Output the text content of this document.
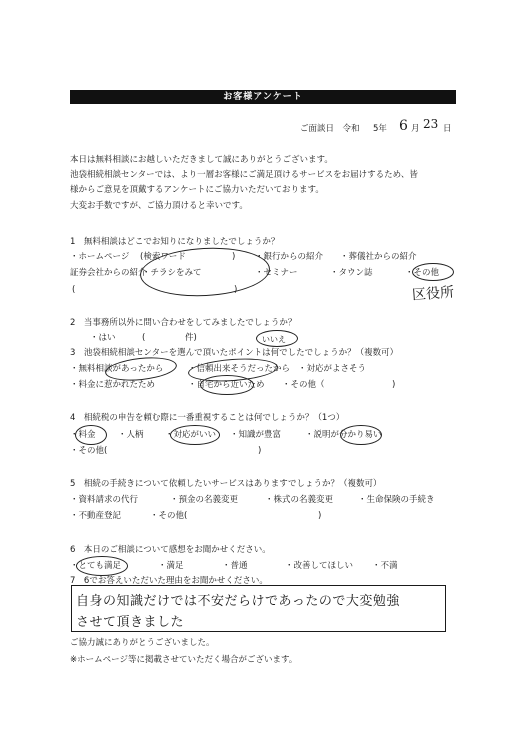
お客様アンケート
ご面談日　令和 5年 6 月 23 日
本日は無料相談にお越しいただきまして誠にありがとうございます。
池袋相続相談センターでは、より一層お客様にご満足頂けるサービスをお届けするため、皆
様からご意見を頂戴するアンケートにご協力いただいております。
大変お手数ですが、ご協力頂けると幸いです。
1　無料相談はどこでお知りになりましたでしょうか？
・ホームページ (検索ワード	) ・銀行からの紹介 ・葬儀社からの紹介
証券会社からの紹介
・チラシをみて	・セミナー	・タウン誌	・その他
(	)	区役所
2　当事務所以外に問い合わせをしてみましたでしょうか？
・はい	(	件)	いいえ
3　池袋相続相談センターを選んで頂いたポイントは何でしたでしょうか？（複数可）
・無料相談があったから	・信頼出来そうだったから ・対応がよさそう
・料金に惹かれたため	・自宅から近いため ・その他（	)
4　相続税の申告を頼む際に一番重視することは何でしょうか？（1つ）
・料金	・人柄	・対応がいい ・知識が豊富	・説明が分かり易い
・その他(	)
5　相続の手続きについて依頼したいサービスはありますでしょうか？（複数可）
・資料請求の代行	・預金の名義変更	・株式の名義変更	・生命保険の手続き
・不動産登記	・その他(	)
6　本日のご相談について感想をお聞かせください。
・とても満足	・満足	・普通	・改善してほしい ・不満
7　6でお答えいただいた理由をお聞かせください。
自身の知識だけでは不安だらけであったので大変勉強
させて頂きました
ご協力誠にありがとうございました。
※ホームページ等に掲載させていただく場合がございます。
